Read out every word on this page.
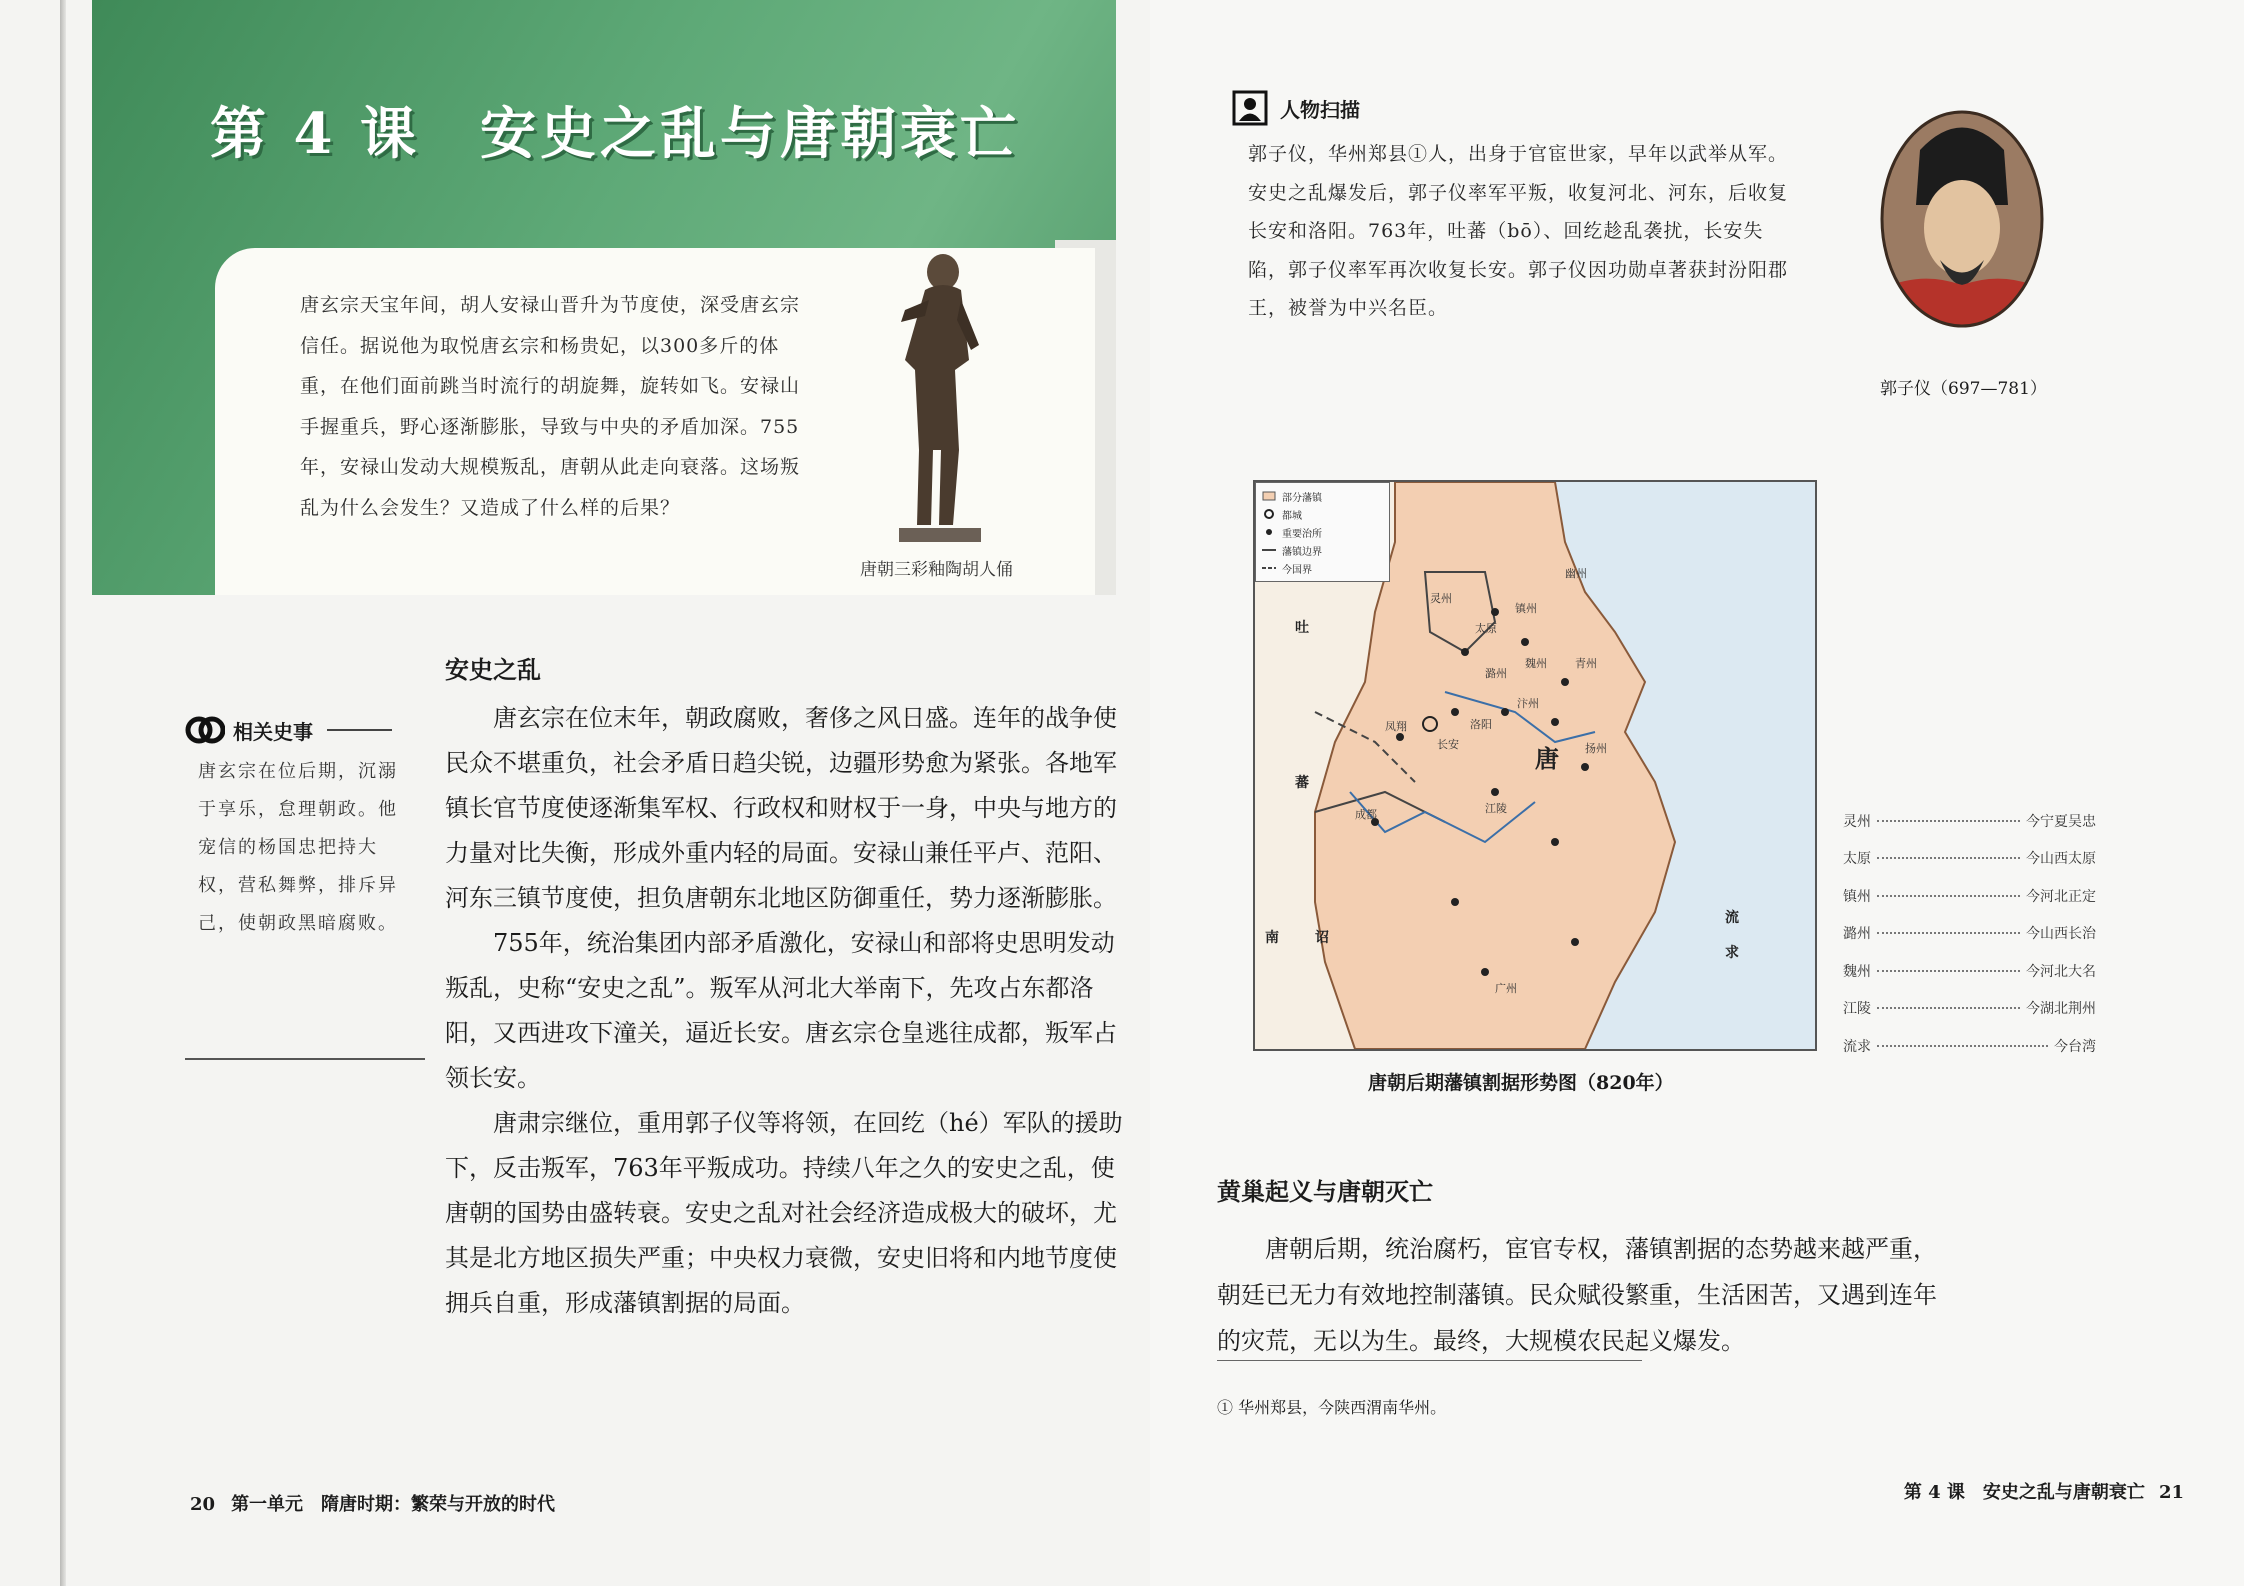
第 4 课 安史之乱与唐朝衰亡
唐玄宗天宝年间，胡人安禄山晋升为节度使，深受唐玄宗信任。据说他为取悦唐玄宗和杨贵妃，以300多斤的体重，在他们面前跳当时流行的胡旋舞，旋转如飞。安禄山手握重兵，野心逐渐膨胀，导致与中央的矛盾加深。755年，安禄山发动大规模叛乱，唐朝从此走向衰落。这场叛乱为什么会发生？又造成了什么样的后果？
唐朝三彩釉陶胡人俑
安史之乱
相关史事
唐玄宗在位后期，沉溺于享乐，怠理朝政。他宠信的杨国忠把持大权，营私舞弊，排斥异己，使朝政黑暗腐败。

唐玄宗在位末年，朝政腐败，奢侈之风日盛。连年的战争使民众不堪重负，社会矛盾日趋尖锐，边疆形势愈为紧张。各地军镇长官节度使逐渐集军权、行政权和财权于一身，中央与地方的力量对比失衡，形成外重内轻的局面。安禄山兼任平卢、范阳、河东三镇节度使，担负唐朝东北地区防御重任，势力逐渐膨胀。

755年，统治集团内部矛盾激化，安禄山和部将史思明发动叛乱，史称“安史之乱”。叛军从河北大举南下，先攻占东都洛阳，又西进攻下潼关，逼近长安。唐玄宗仓皇逃往成都，叛军占领长安。

唐肃宗继位，重用郭子仪等将领，在回纥（hé）军队的援助下，反击叛军，763年平叛成功。持续八年之久的安史之乱，使唐朝的国势由盛转衰。安史之乱对社会经济造成极大的破坏，尤其是北方地区损失严重；中央权力衰微，安史旧将和内地节度使拥兵自重，形成藩镇割据的局面。

20 第一单元　隋唐时期：繁荣与开放的时代
人物扫描
郭子仪，华州郑县①人，出身于官宦世家，早年以武举从军。安史之乱爆发后，郭子仪率军平叛，收复河北、河东，后收复长安和洛阳。763年，吐蕃（bō）、回纥趁乱袭扰，长安失陷，郭子仪率军再次收复长安。郭子仪因功勋卓著获封汾阳郡王，被誉为中兴名臣。
郭子仪（697—781）
吐
蕃
南	诏
唐
流
求
长安
洛阳
凤翔
成都
灵州
太原
潞州
魏州
镇州
幽州
汴州
扬州
江陵
广州
青州
部分藩镇
都城
重要治所
藩镇边界
今国界
唐朝后期藩镇割据形势图（820年）
灵州	今宁夏吴忠
太原	今山西太原
镇州	今河北正定
潞州	今山西长治
魏州	今河北大名
江陵	今湖北荆州
流求	今台湾
黄巢起义与唐朝灭亡

唐朝后期，统治腐朽，宦官专权，藩镇割据的态势越来越严重，朝廷已无力有效地控制藩镇。民众赋役繁重，生活困苦，又遇到连年的灾荒，无以为生。最终，大规模农民起义爆发。

① 华州郑县，今陕西渭南华州。
第 4 课　安史之乱与唐朝衰亡 21
